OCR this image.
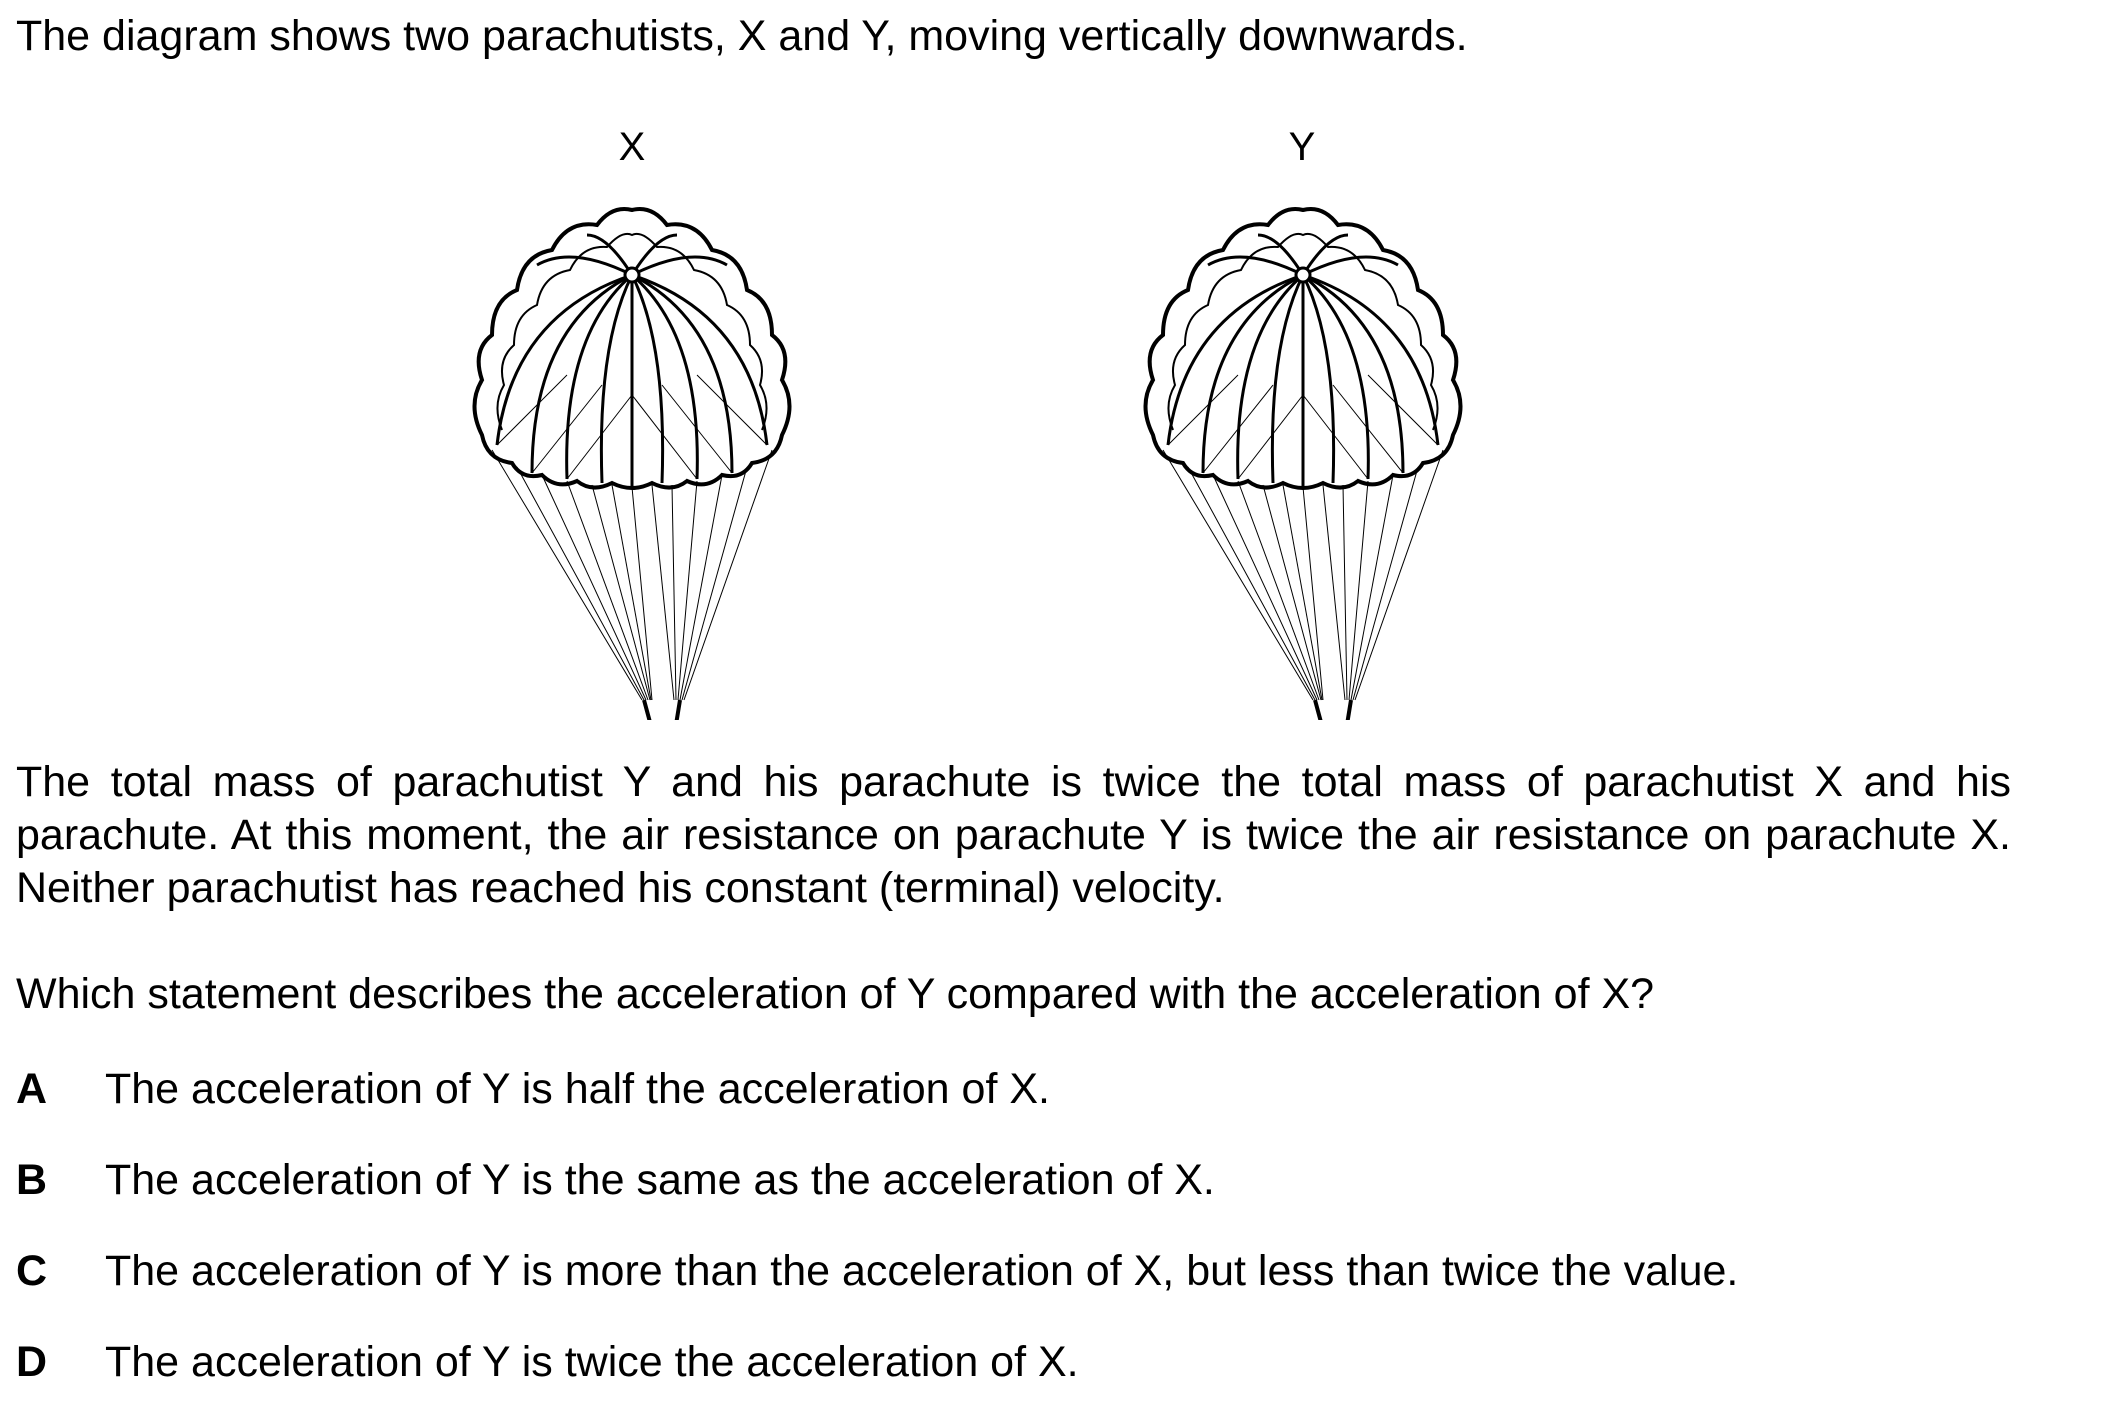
The diagram shows two parachutists, X and Y, moving vertically downwards.

X	Y

The total mass of parachutist Y and his parachute is twice the total mass of parachutist X and his parachute. At this moment, the air resistance on parachute Y is twice the air resistance on parachute X. Neither parachutist has reached his constant (terminal) velocity.

Which statement describes the acceleration of Y compared with the acceleration of X?

A The acceleration of Y is half the acceleration of X.
B The acceleration of Y is the same as the acceleration of X.
C The acceleration of Y is more than the acceleration of X, but less than twice the value.
D The acceleration of Y is twice the acceleration of X.
